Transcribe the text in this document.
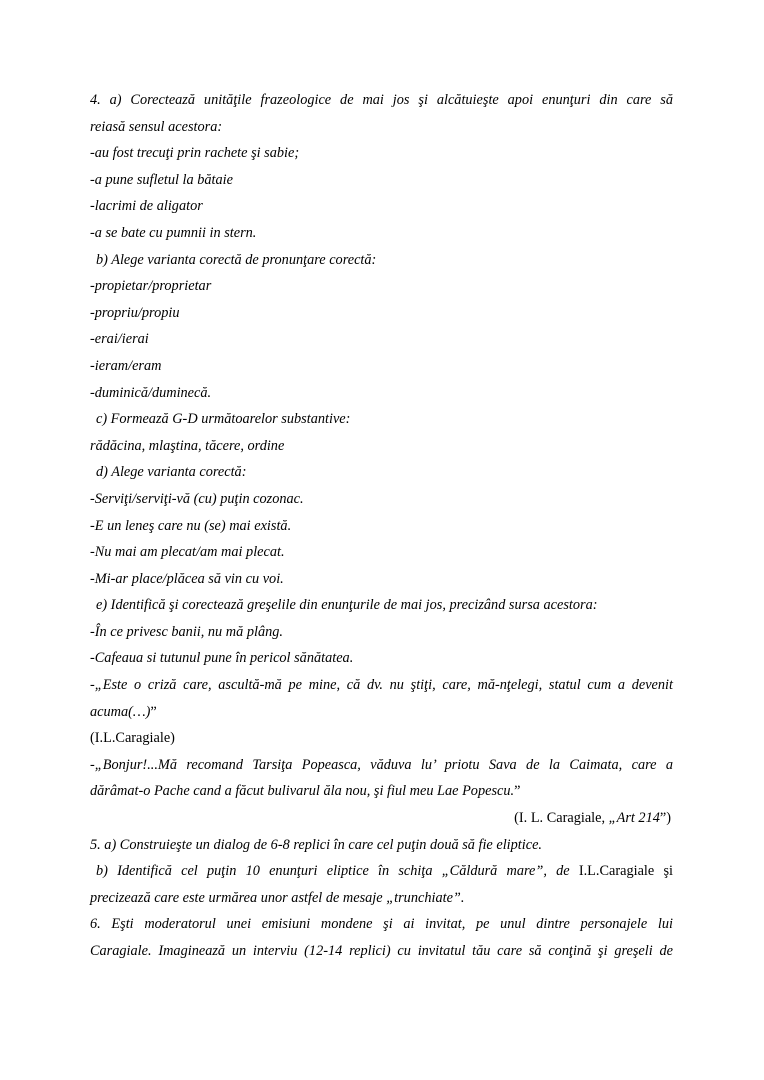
4. a) Corectează unităţile frazeologice de mai jos şi alcătuieşte apoi enunţuri din care să
reiasă sensul acestora:
-au fost trecuţi prin rachete şi sabie;
-a pune sufletul la bătaie
-lacrimi de aligator
-a se bate cu pumnii in stern.
b) Alege varianta corectă de pronunţare corectă:
-propietar/proprietar
-propriu/propiu
-erai/ierai
-ieram/eram
-duminică/duminecă.
c) Formează G-D următoarelor substantive:
rădăcina, mlaştina, tăcere, ordine
d) Alege varianta corectă:
-Serviţi/serviţi-vă (cu) puţin cozonac.
-E un leneş care nu (se) mai există.
-Nu mai am plecat/am mai plecat.
-Mi-ar place/plăcea să vin cu voi.
e) Identifică şi corectează greşelile din enunţurile de mai jos, precizând sursa acestora:
-În ce privesc banii, nu mă plâng.
-Cafeaua si tutunul pune în pericol sănătatea.
-„Este o criză care, ascultă-mă pe mine, că dv. nu ştiţi, care, mă-nţelegi, statul cum a devenit
acuma(…)”
(I.L.Caragiale)
-„Bonjur!...Mă recomand Tarsiţa Popeasca, văduva lu’ priotu Sava de la Caimata, care a
dărâmat-o Pache cand a făcut bulivarul ăla nou, şi fiul meu Lae Popescu.”
(I. L. Caragiale, „Art 214”)
5. a) Construieşte un dialog de 6-8 replici în care cel puţin două să fie eliptice.
b) Identifică cel puţin 10 enunţuri eliptice în schiţa „Căldură mare”, de I.L.Caragiale şi
precizează care este urmărea unor astfel de mesaje „trunchiate”.
6. Eşti moderatorul unei emisiuni mondene şi ai invitat, pe unul dintre personajele lui
Caragiale. Imaginează un interviu (12-14 replici) cu invitatul tău care să conţină şi greşeli de
